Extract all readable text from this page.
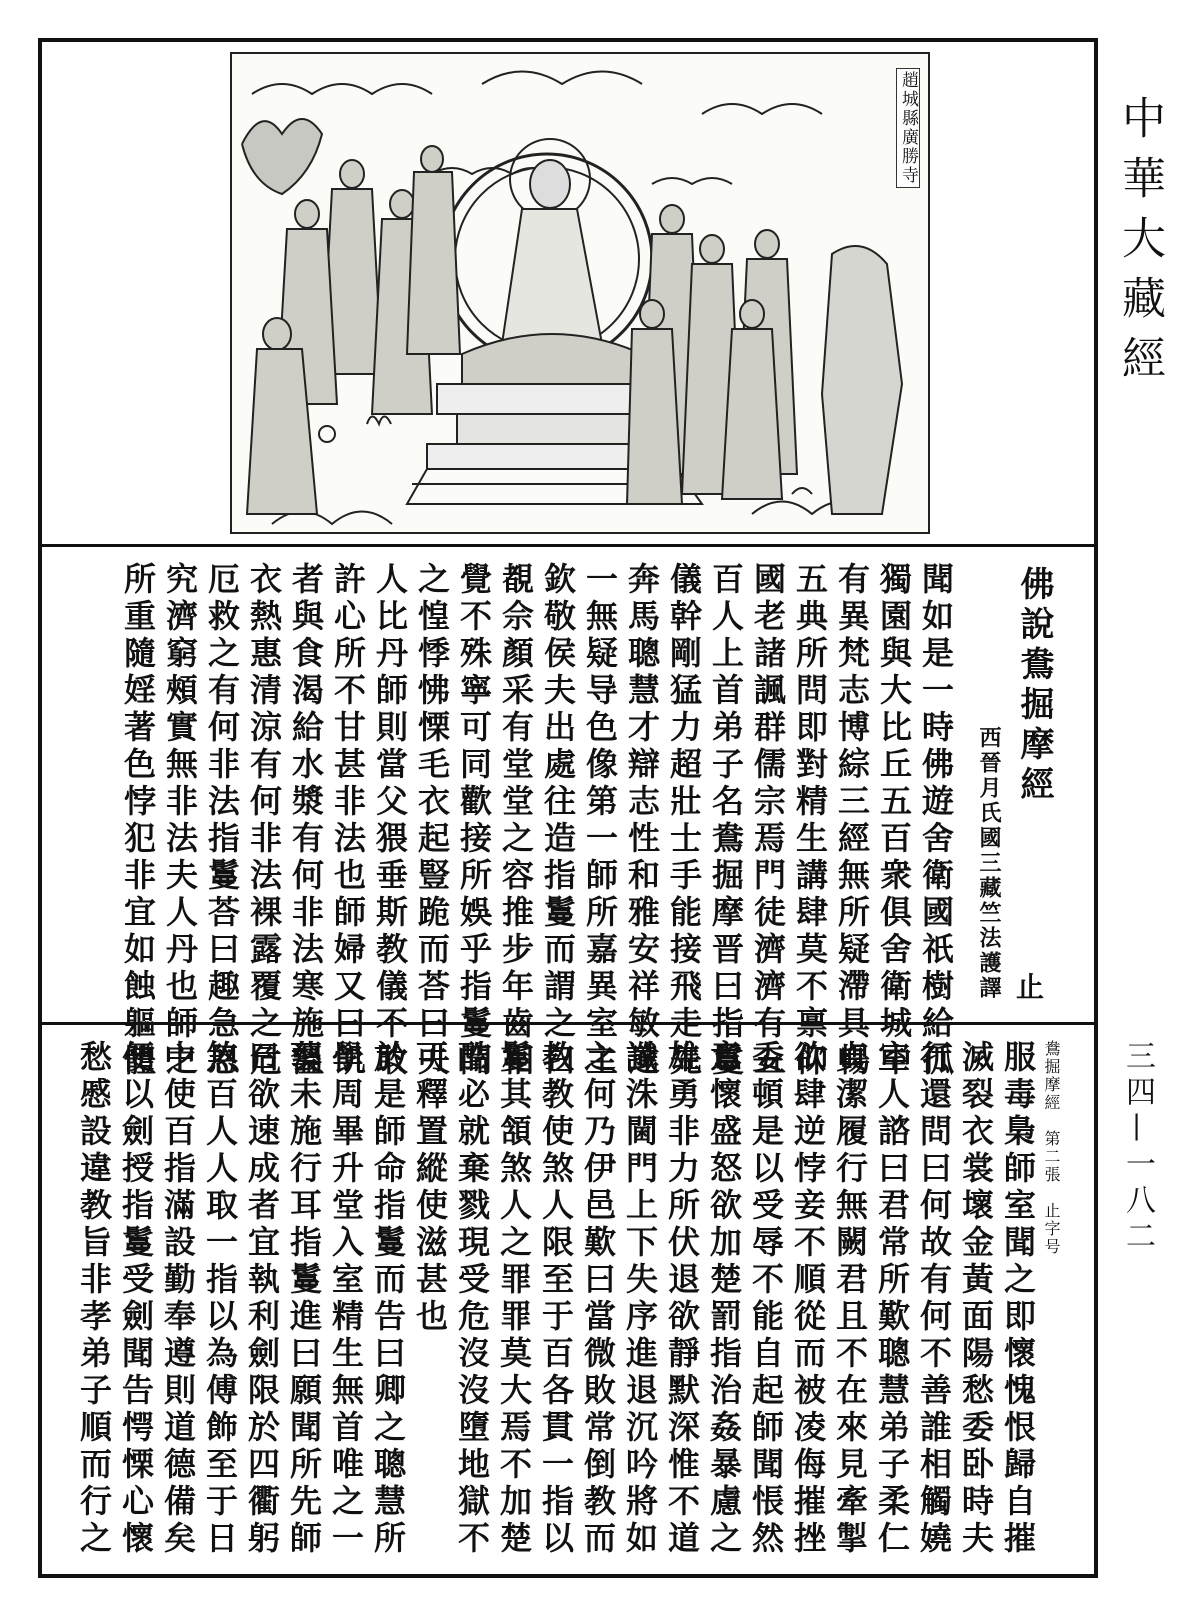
中華大藏經
三四—一八二
趙城縣廣勝寺
佛說鴦掘摩經
西晉月氏國三藏竺法護譯 止
聞如是一時佛遊舍衛國祇樹給孤
獨園與大比丘五百衆俱舍衛城中
有異梵志博綜三經無所疑滯具暢
五典所問即對精生講肆莫不禀仰
國老諸諷群儒宗焉門徒濟濟有五
百人上首弟子名鴦掘摩晋曰指鬘
儀幹剛猛力超壯士手能接飛走先
奔馬聰慧才辯志性和雅安祥敏達
一無疑导色像第一師所嘉異室主
欽敬侯夫出處往造指鬘而謂之曰
覩佘顏采有堂堂之容推步年齒相
覺不殊寧可同歡接所娛乎指鬘聞
之惶悸怫慄毛衣起豎跪而荅曰夫
人比丹師則當父猥垂斯教儀不敢
許心所不甘甚非法也師婦又曰飢
者與食渴給水漿有何非法寒施溫
衣熱惠清涼有何非法裸露覆之危
厄救之有何非法指鬘荅曰趣急恩
究濟窮頰實無非法夫人丹也師之
所重隨婬著色悖犯非宜如蝕軀體
鴦掘摩經　第二張　止字号
服毒梟師室聞之即懷愧恨歸自摧
滅裂衣裳壞金黃面陽愁委卧時夫
行還問曰何故有何不善誰相觸嬈
室人諮曰君常所歎聰慧弟子柔仁
貞潔履行無闕君且不在來見牽掣
欲肆逆悖妾不順從而被凌侮摧挫
委頓是以受辱不能自起師聞悵然
意懷盛怒欲加楚罰指治姦暴慮之
雄勇非力所伏退欲靜默深惟不道
讖洙閫門上下失序進退沉吟將如
之何乃伊邑歎曰當微敗常倒教而
教教使煞人限至于百各貫一指以
鬘其頷煞人之罪罪莫大焉不加楚
酷必就棄戮現受危沒沒墮地獄不
可釋置縱使滋甚也
於是師命指鬘而告曰卿之聰慧所
學周畢升堂入室精生無首唯之一
藝未施行耳指鬘進曰願聞所先師
曰欲速成者宜執利劍限於四衢躬
煞百人人取一指以為傅飾至于日
中使百指滿設勤奉遵則道德備矣
便以劍授指鬘受劍聞告愕慄心懷
愁慼設違教旨非孝弟子順而行之
